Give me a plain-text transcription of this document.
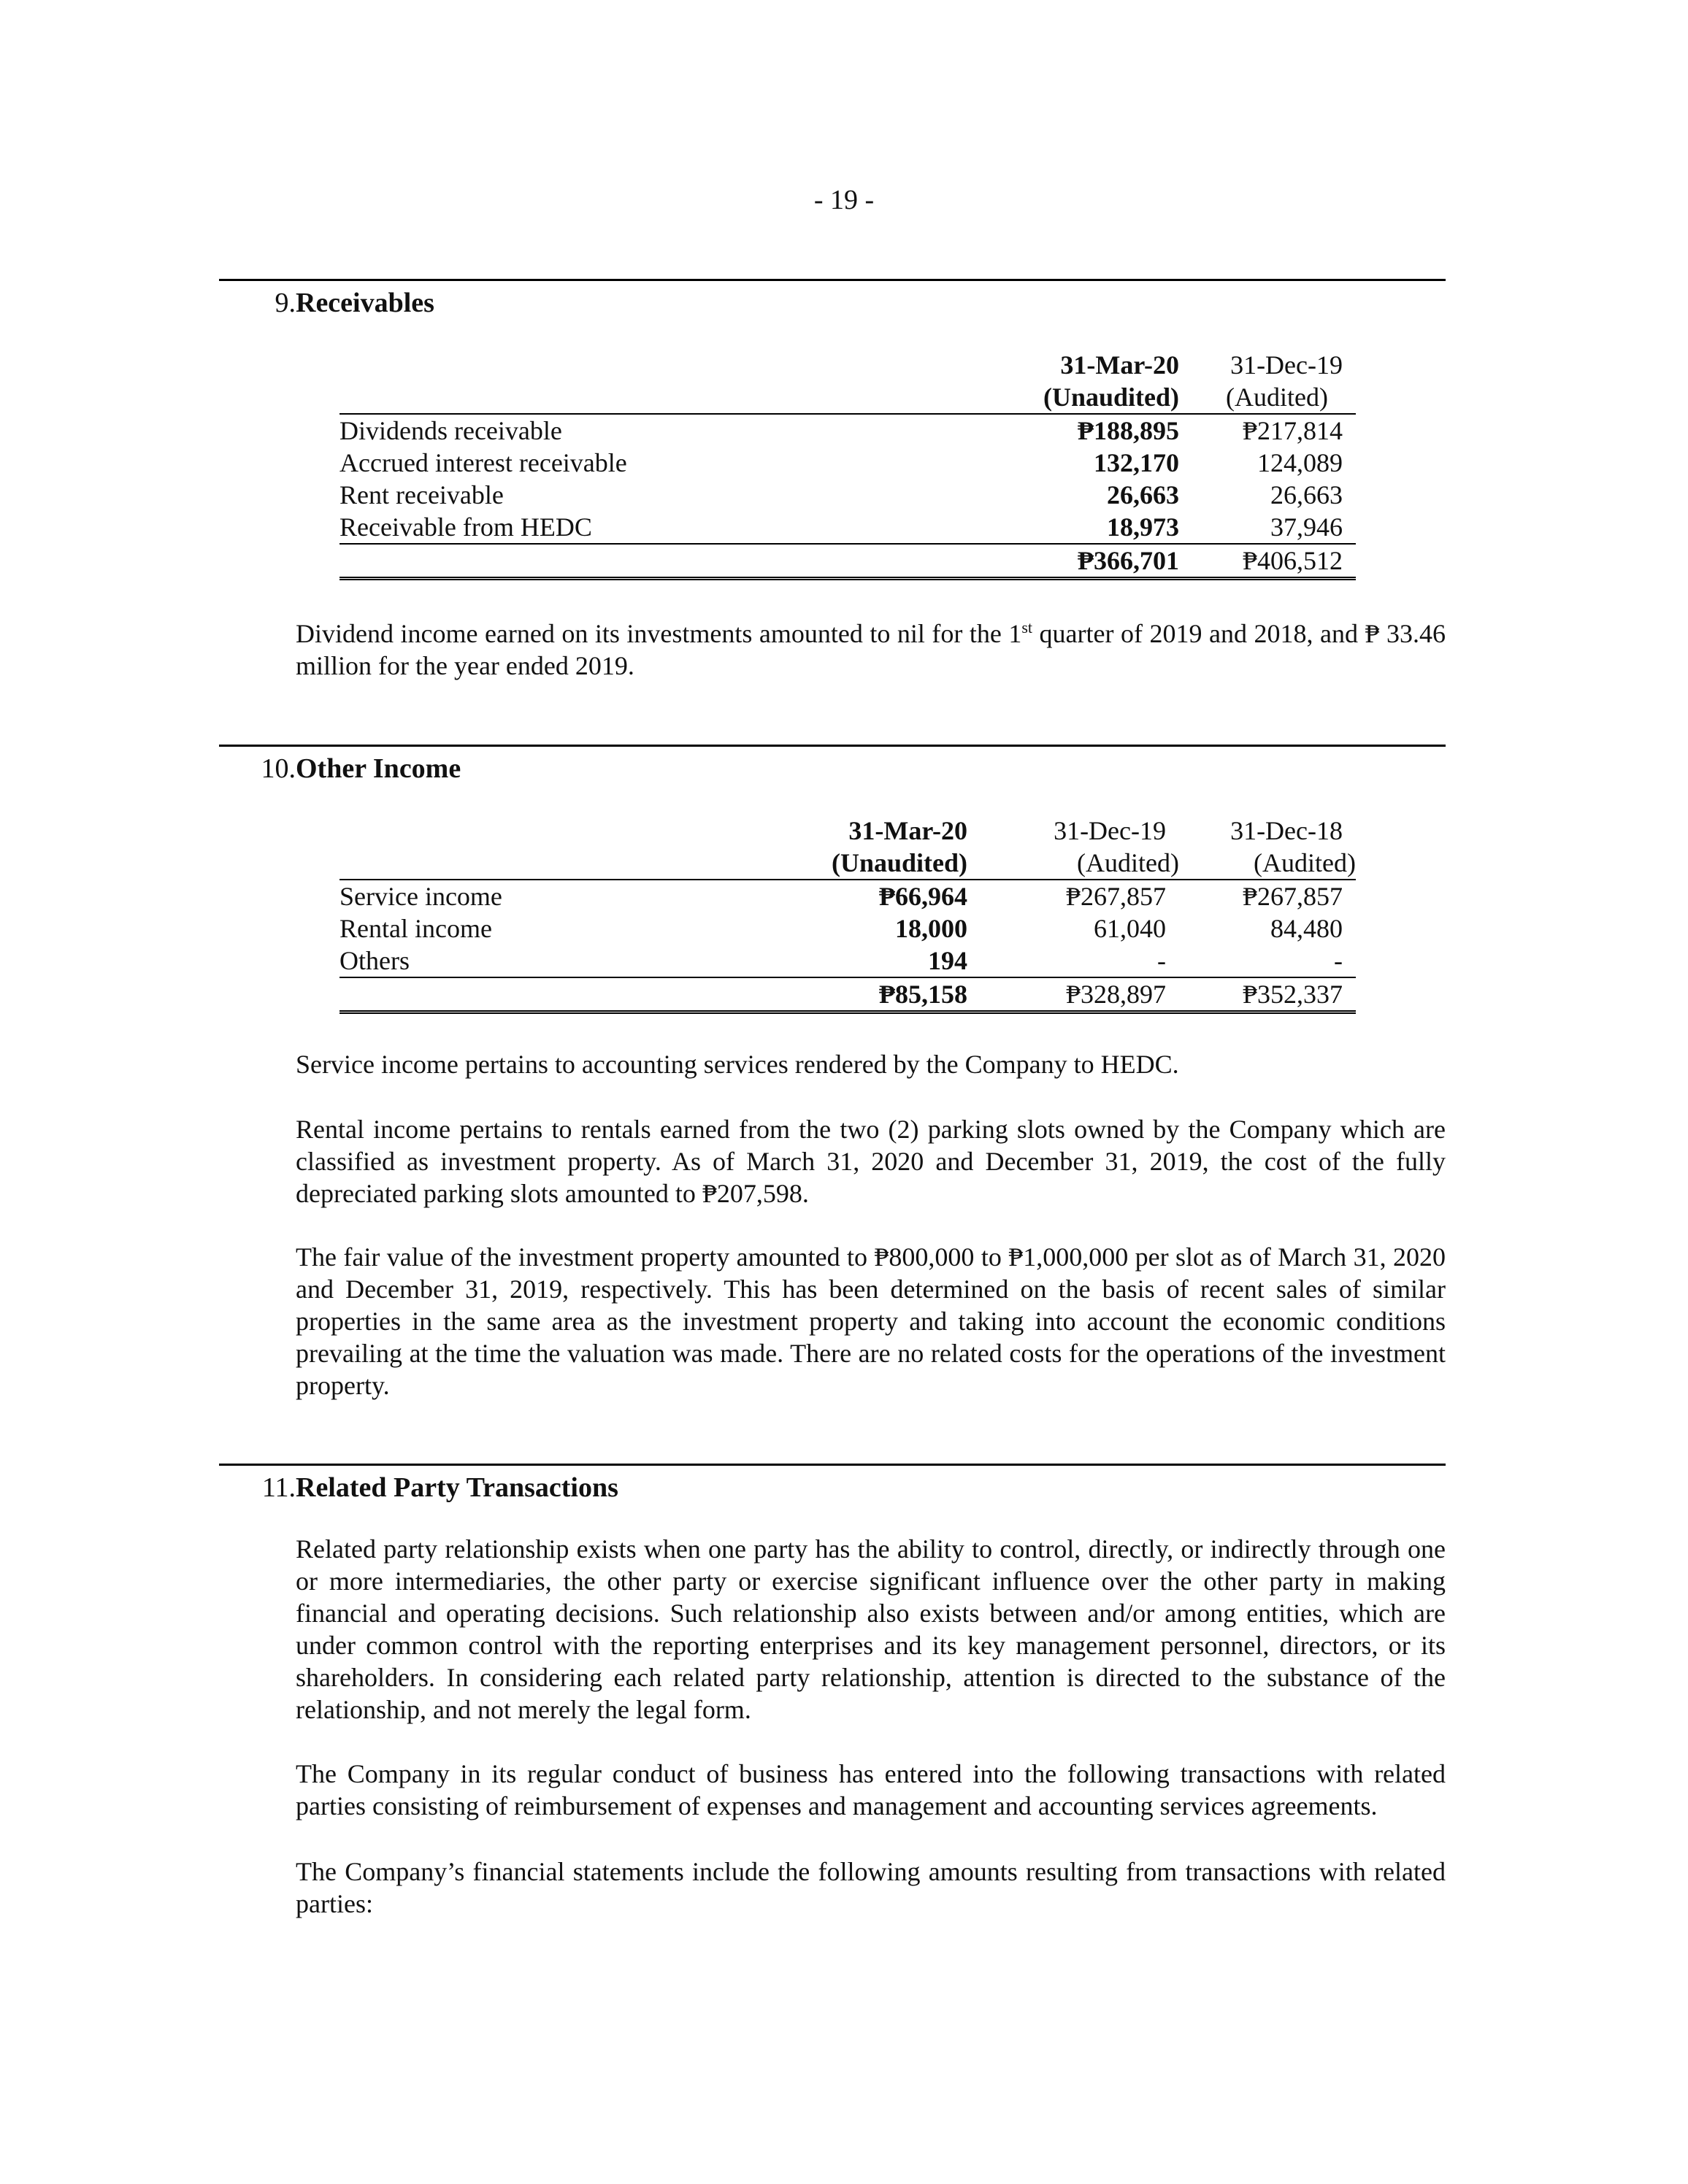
- 19 -
9. Receivables
	31-Mar-20	31-Dec-19
	(Unaudited)	(Audited)
Dividends receivable	₱188,895	₱217,814
Accrued interest receivable	132,170	124,089
Rent receivable	26,663	26,663
Receivable from HEDC	18,973	37,946
	₱366,701	₱406,512
Dividend income earned on its investments amounted to nil for the 1st quarter of 2019 and 2018, and ₱ 33.46 million for the year ended 2019.
10. Other Income
	31-Mar-20	31-Dec-19	31-Dec-18
	(Unaudited)	(Audited)	(Audited)
Service income	₱66,964	₱267,857	₱267,857
Rental income	18,000	61,040	84,480
Others	194	-	-
	₱85,158	₱328,897	₱352,337
Service income pertains to accounting services rendered by the Company to HEDC.
Rental income pertains to rentals earned from the two (2) parking slots owned by the Company which are classified as investment property. As of March 31, 2020 and December 31, 2019, the cost of the fully depreciated parking slots amounted to ₱207,598.
The fair value of the investment property amounted to ₱800,000 to ₱1,000,000 per slot as of March 31, 2020 and December 31, 2019, respectively. This has been determined on the basis of recent sales of similar properties in the same area as the investment property and taking into account the economic conditions prevailing at the time the valuation was made. There are no related costs for the operations of the investment property.
11. Related Party Transactions
Related party relationship exists when one party has the ability to control, directly, or indirectly through one or more intermediaries, the other party or exercise significant influence over the other party in making financial and operating decisions. Such relationship also exists between and/or among entities, which are under common control with the reporting enterprises and its key management personnel, directors, or its shareholders. In considering each related party relationship, attention is directed to the substance of the relationship, and not merely the legal form.
The Company in its regular conduct of business has entered into the following transactions with related parties consisting of reimbursement of expenses and management and accounting services agreements.
The Company’s financial statements include the following amounts resulting from transactions with related parties:
